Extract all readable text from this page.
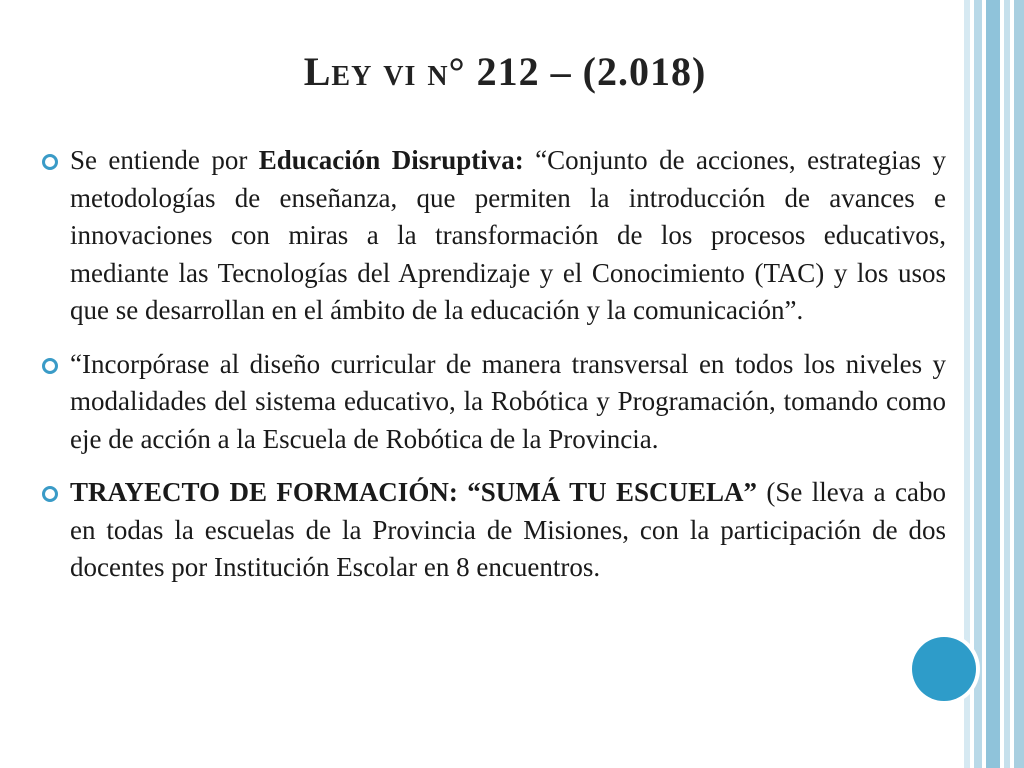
Ley vi n° 212 – (2.018)
Se entiende por Educación Disruptiva: “Conjunto de acciones, estrategias y metodologías de enseñanza, que permiten la introducción de avances e innovaciones con miras a la transformación de los procesos educativos, mediante las Tecnologías del Aprendizaje y el Conocimiento (TAC) y los usos que se desarrollan en el ámbito de la educación y la comunicación”.
“Incorpórase al diseño curricular de manera transversal en todos los niveles y modalidades del sistema educativo, la Robótica y Programación, tomando como eje de acción a la Escuela de Robótica de la Provincia.
TRAYECTO DE FORMACIÓN: “SUMÁ TU ESCUELA” (Se lleva a cabo en todas la escuelas de la Provincia de Misiones, con la participación de dos docentes por Institución Escolar en 8 encuentros.
